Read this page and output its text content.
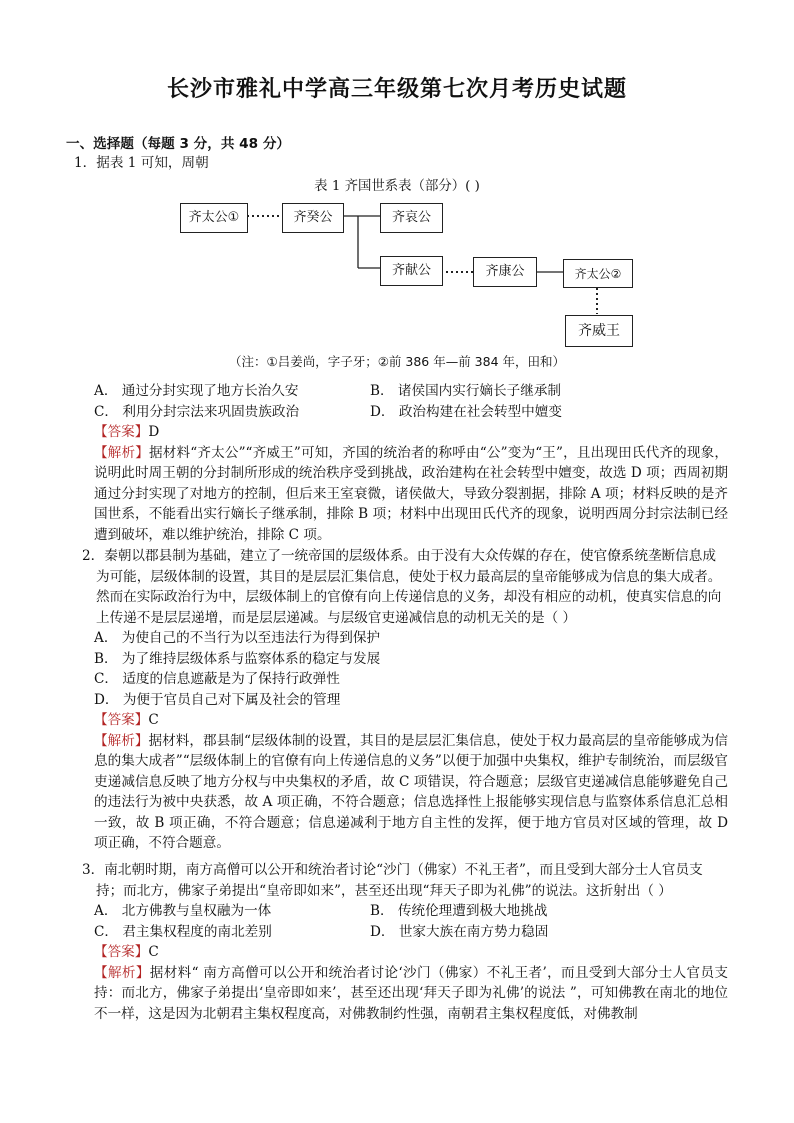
长沙市雅礼中学高三年级第七次月考历史试题
一、选择题（每题 3 分，共 48 分）
1．据表 1 可知，周朝
表 1 齐国世系表（部分）( )
齐太公①	齐癸公	齐哀公
齐献公	齐康公	齐太公②
齐威王
（注：①吕姜尚，字子牙；②前 386 年—前 384 年，田和）
A． 通过分封实现了地方长治久安	B． 诸侯国内实行嫡长子继承制
C． 利用分封宗法来巩固贵族政治	D． 政治构建在社会转型中嬗变
【答案】D
【解析】据材料“齐太公”“齐威王”可知，齐国的统治者的称呼由“公”变为“王”，且出现田氏代齐的现象，说明此时周王朝的分封制所形成的统治秩序受到挑战，政治建构在社会转型中嬗变，故选 D 项；西周初期通过分封实现了对地方的控制，但后来王室衰微，诸侯做大，导致分裂割据，排除 A 项；材料反映的是齐国世系，不能看出实行嫡长子继承制，排除 B 项；材料中出现田氏代齐的现象，说明西周分封宗法制已经遭到破坏，难以维护统治，排除 C 项。
2．秦朝以郡县制为基础，建立了一统帝国的层级体系。由于没有大众传媒的存在，使官僚系统垄断信息成为可能，层级体制的设置，其目的是层层汇集信息，使处于权力最高层的皇帝能够成为信息的集大成者。然而在实际政治行为中，层级体制上的官僚有向上传递信息的义务，却没有相应的动机，使真实信息的向上传递不是层层递增，而是层层递减。与层级官吏递减信息的动机无关的是（ ）
A． 为使自己的不当行为以至违法行为得到保护
B． 为了维持层级体系与监察体系的稳定与发展
C． 适度的信息遮蔽是为了保持行政弹性
D． 为便于官员自己对下属及社会的管理
【答案】C
【解析】据材料，郡县制“层级体制的设置，其目的是层层汇集信息，使处于权力最高层的皇帝能够成为信息的集大成者”“层级体制上的官僚有向上传递信息的义务”以便于加强中央集权，维护专制统治，而层级官吏递减信息反映了地方分权与中央集权的矛盾，故 C 项错误，符合题意；层级官吏递减信息能够避免自己的违法行为被中央获悉，故 A 项正确，不符合题意；信息选择性上报能够实现信息与监察体系信息汇总相一致，故 B 项正确，不符合题意；信息递减利于地方自主性的发挥，便于地方官员对区域的管理，故 D 项正确，不符合题意。
3．南北朝时期，南方高僧可以公开和统治者讨论“沙门（佛家）不礼王者”，而且受到大部分士人官员支持；而北方，佛家子弟提出“皇帝即如来”，甚至还出现“拜天子即为礼佛”的说法。这折射出（ ）
A． 北方佛教与皇权融为一体	B． 传统伦理遭到极大地挑战
C． 君主集权程度的南北差别	D． 世家大族在南方势力稳固
【答案】C
【解析】据材料“ 南方高僧可以公开和统治者讨论‘沙门（佛家）不礼王者’，而且受到大部分士人官员支持：而北方，佛家子弟提出‘皇帝即如来’，甚至还出现‘拜天子即为礼佛’的说法 ”，可知佛教在南北的地位不一样，这是因为北朝君主集权程度高，对佛教制约性强，南朝君主集权程度低，对佛教制
